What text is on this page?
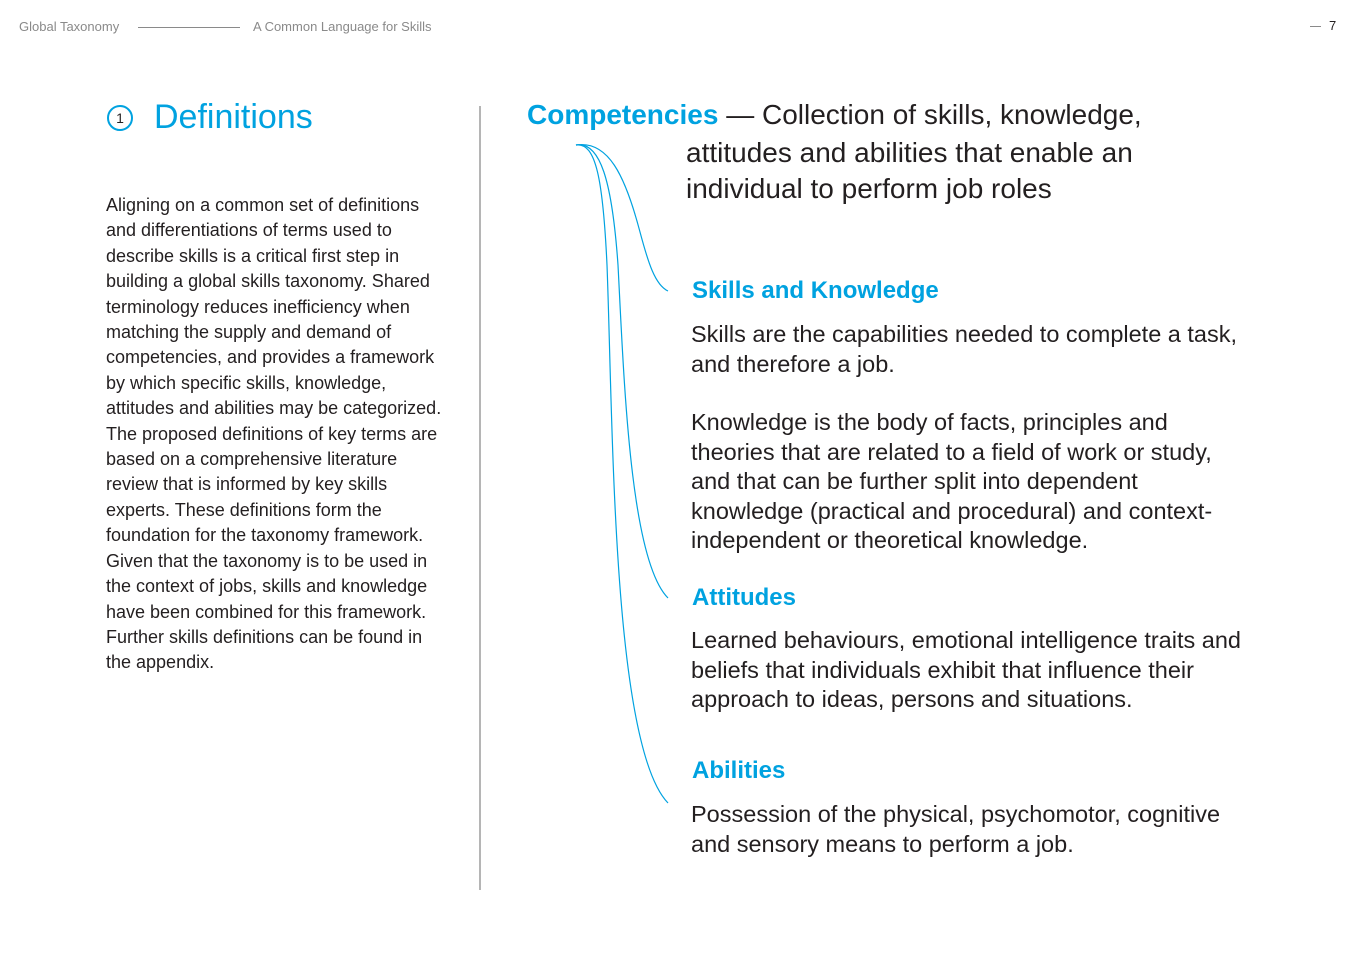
Global Taxonomy	A Common Language for Skills	7
1 Definitions

Aligning on a common set of definitions and differentiations of terms used to describe skills is a critical first step in building a global skills taxonomy. Shared terminology reduces inefficiency when matching the supply and demand of competencies, and provides a framework by which specific skills, knowledge, attitudes and abilities may be categorized. The proposed definitions of key terms are based on a comprehensive literature review that is informed by key skills experts. These definitions form the foundation for the taxonomy framework. Given that the taxonomy is to be used in the context of jobs, skills and knowledge have been combined for this framework. Further skills definitions can be found in the appendix.

Competencies — Collection of skills, knowledge,

attitudes and abilities that enable an individual to perform job roles

Skills and Knowledge

Skills are the capabilities needed to complete a task, and therefore a job.

Knowledge is the body of facts, principles and theories that are related to a field of work or study, and that can be further split into dependent knowledge (practical and procedural) and context-independent or theoretical knowledge.

Attitudes

Learned behaviours, emotional intelligence traits and beliefs that individuals exhibit that influence their approach to ideas, persons and situations.

Abilities

Possession of the physical, psychomotor, cognitive and sensory means to perform a job.
